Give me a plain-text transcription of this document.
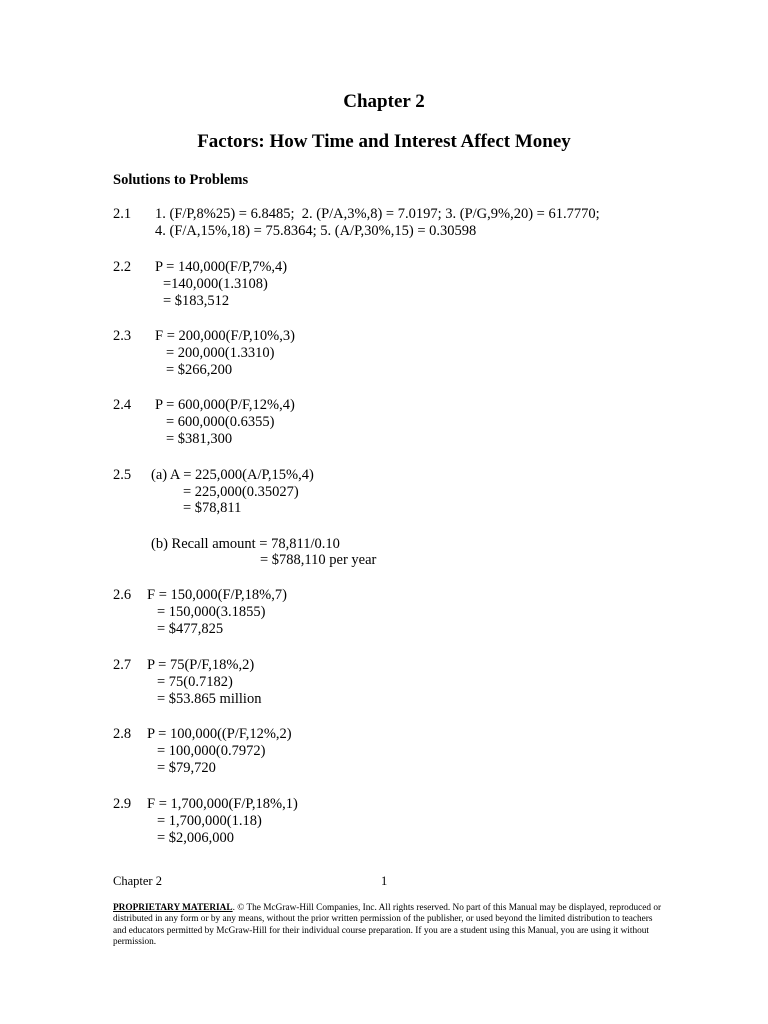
Chapter 2
Factors: How Time and Interest Affect Money
Solutions to Problems
2.1 1. (F/P,8%25) = 6.8485;  2. (P/A,3%,8) = 7.0197; 3. (P/G,9%,20) = 61.7770;
4. (F/A,15%,18) = 75.8364; 5. (A/P,30%,15) = 0.30598
2.2 P = 140,000(F/P,7%,4)
=140,000(1.3108)
= $183,512
2.3 F = 200,000(F/P,10%,3)
= 200,000(1.3310)
= $266,200
2.4 P = 600,000(P/F,12%,4)
= 600,000(0.6355)
= $381,300
2.5 (a) A = 225,000(A/P,15%,4)
= 225,000(0.35027)
= $78,811
(b) Recall amount = 78,811/0.10
= $788,110 per year
2.6 F = 150,000(F/P,18%,7)
= 150,000(3.1855)
= $477,825
2.7 P = 75(P/F,18%,2)
= 75(0.7182)
= $53.865 million
2.8 P = 100,000((P/F,12%,2)
= 100,000(0.7972)
= $79,720
2.9 F = 1,700,000(F/P,18%,1)
= 1,700,000(1.18)
= $2,006,000
Chapter 2	1
PROPRIETARY MATERIAL. © The McGraw-Hill Companies, Inc. All rights reserved. No part of this Manual may be displayed, reproduced or distributed in any form or by any means, without the prior written permission of the publisher, or used beyond the limited distribution to teachers and educators permitted by McGraw-Hill for their individual course preparation. If you are a student using this Manual, you are using it without permission.
